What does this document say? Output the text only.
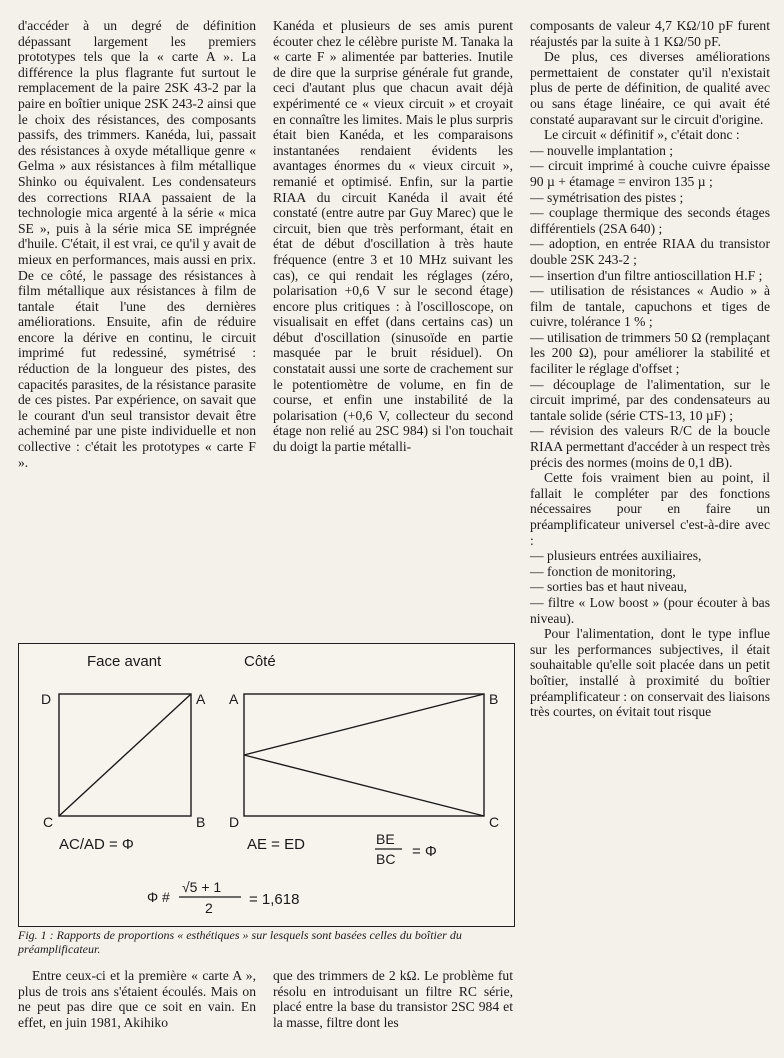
d'accéder à un degré de définition dépassant largement les premiers prototypes tels que la « carte A ». La différence la plus flagrante fut surtout le remplacement de la paire 2SK 43-2 par la paire en boîtier unique 2SK 243-2 ainsi que le choix des résistances, des composants passifs, des trimmers. Kanéda, lui, passait des résistances à oxyde métallique genre « Gelma » aux résistances à film métallique Shinko ou équivalent. Les condensateurs des corrections RIAA passaient de la technologie mica argenté à la série « mica SE », puis à la série mica SE imprégnée d'huile. C'était, il est vrai, ce qu'il y avait de mieux en performances, mais aussi en prix. De ce côté, le passage des résistances à film métallique aux résistances à film de tantale était l'une des dernières améliorations. Ensuite, afin de réduire encore la dérive en continu, le circuit imprimé fut redessiné, symétrisé : réduction de la longueur des pistes, des capacités parasites, de la résistance parasite de ces pistes. Par expérience, on savait que le courant d'un seul transistor devait être acheminé par une piste individuelle et non collective : c'était les prototypes « carte F ».

Kanéda et plusieurs de ses amis purent écouter chez le célèbre puriste M. Tanaka la « carte F » alimentée par batteries. Inutile de dire que la surprise générale fut grande, ceci d'autant plus que chacun avait déjà expérimenté ce « vieux circuit » et croyait en connaître les limites. Mais le plus surpris était bien Kanéda, et les comparaisons instantanées rendaient évidents les avantages énormes du « vieux circuit », remanié et optimisé. Enfin, sur la partie RIAA du circuit Kanéda il avait été constaté (entre autre par Guy Marec) que le circuit, bien que très performant, était en état de début d'oscillation à très haute fréquence (entre 3 et 10 MHz suivant les cas), ce qui rendait les réglages (zéro, polarisation +0,6 V sur le second étage) encore plus critiques : à l'oscilloscope, on visualisait en effet (dans certains cas) un début d'oscillation (sinusoïde en partie masquée par le bruit résiduel). On constatait aussi une sorte de crachement sur le potentiomètre de volume, en fin de course, et enfin une instabilité de la polarisation (+0,6 V, collecteur du second étage non relié au 2SC 984) si l'on touchait du doigt la partie métalli-

composants de valeur 4,7 KΩ/10 pF furent réajustés par la suite à 1 KΩ/50 pF.

De plus, ces diverses améliorations permettaient de constater qu'il n'existait plus de perte de définition, de qualité avec ou sans étage linéaire, ce qui avait été constaté auparavant sur le circuit d'origine.

Le circuit « définitif », c'était donc :

— nouvelle implantation ;

— circuit imprimé à couche cuivre épaisse 90 µ + étamage = environ 135 µ ;

— symétrisation des pistes ;

— couplage thermique des seconds étages différentiels (2SA 640) ;

— adoption, en entrée RIAA du transistor double 2SK 243-2 ;

— insertion d'un filtre antioscillation H.F ;

— utilisation de résistances « Audio » à film de tantale, capuchons et tiges de cuivre, tolérance 1 % ;

— utilisation de trimmers 50 Ω (remplaçant les 200 Ω), pour améliorer la stabilité et faciliter le réglage d'offset ;

— découplage de l'alimentation, sur le circuit imprimé, par des condensateurs au tantale solide (série CTS-13, 10 µF) ;

— révision des valeurs R/C de la boucle RIAA permettant d'accéder à un respect très précis des normes (moins de 0,1 dB).

Cette fois vraiment bien au point, il fallait le compléter par des fonctions nécessaires pour en faire un préamplificateur universel c'est-à-dire avec :

— plusieurs entrées auxiliaires,

— fonction de monitoring,

— sorties bas et haut niveau,

— filtre « Low boost » (pour écouter à bas niveau).

Pour l'alimentation, dont le type influe sur les performances subjectives, il était souhaitable qu'elle soit placée dans un petit boîtier, installé à proximité du boîtier préamplificateur : on conservait des liaisons très courtes, on évitait tout risque

Face avant	Côté
D	A
C	B
A	B
D	C
AC/AD = Φ	AE = ED	BE
BC = Φ
Φ #
√5 + 1
2 = 1,618
Fig. 1 : Rapports de proportions « esthétiques » sur lesquels sont basées celles du boîtier du préamplificateur.

Entre ceux-ci et la première « carte A », plus de trois ans s'étaient écoulés. Mais on ne peut pas dire que ce soit en vain. En effet, en juin 1981, Akihiko

que des trimmers de 2 kΩ. Le problème fut résolu en introduisant un filtre RC série, placé entre la base du transistor 2SC 984 et la masse, filtre dont les
